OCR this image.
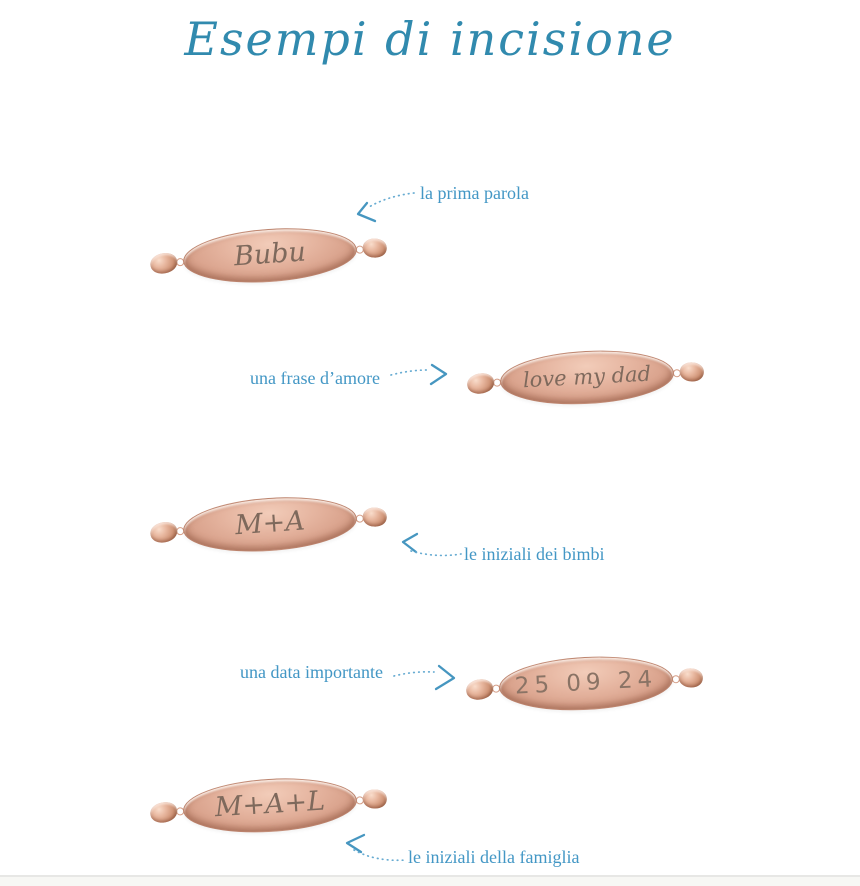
Esempi di incisione
la prima parola
una frase d’amore
le iniziali dei bimbi
una data importante
le iniziali della famiglia
Bubu
love my dad
M+A
25 09 24
M+A+L
